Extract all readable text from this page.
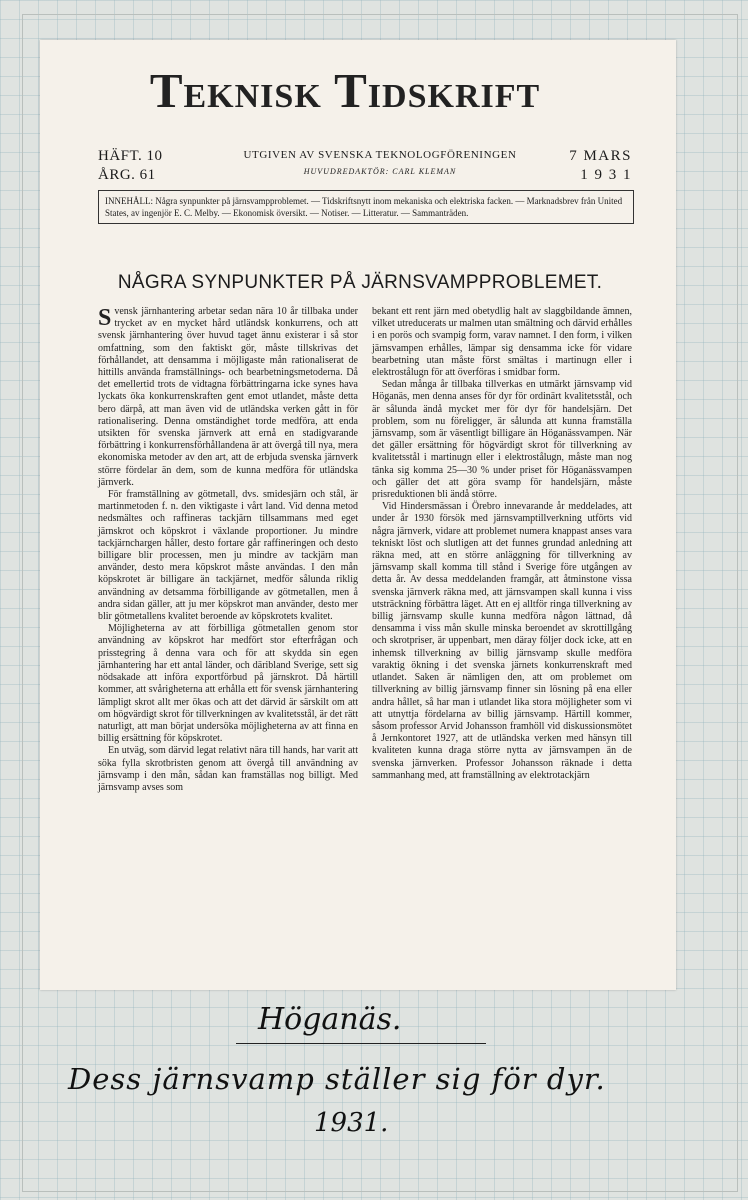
Teknisk Tidskrift
HÄFT. 10
ÅRG. 61
UTGIVEN AV SVENSKA TEKNOLOGFÖRENINGEN
HUVUDREDAKTÖR: CARL KLEMAN
7 MARS
1 9 3 1
INNEHÅLL: Några synpunkter på järnsvampproblemet. — Tidskriftsnytt inom mekaniska och elektriska facken. — Marknadsbrev från United States, av ingenjör E. C. Melby. — Ekonomisk översikt. — Notiser. — Litteratur. — Sammanträden.
NÅGRA SYNPUNKTER PÅ JÄRNSVAMPPROBLEMET.

Svensk järnhantering arbetar sedan nära 10 år tillbaka under trycket av en mycket hård utländsk konkurrens, och att svensk järnhantering över huvud taget ännu existerar i så stor omfattning, som den faktiskt gör, måste tillskrivas det förhållandet, att densamma i möjligaste mån rationaliserat de hittills använda framställnings- och bearbetningsmetoderna. Då det emellertid trots de vidtagna förbättringarna icke synes hava lyckats öka konkurrenskraften gent emot utlandet, måste detta bero därpå, att man även vid de utländska verken gått in för rationalisering. Denna omständighet torde medföra, att enda utsikten för svenska järnverk att ernå en stadigvarande förbättring i konkurrensförhållandena är att övergå till nya, mera ekonomiska metoder av den art, att de erbjuda svenska järnverk större fördelar än dem, som de kunna medföra för utländska järnverk.

För framställning av götmetall, dvs. smidesjärn och stål, är martinmetoden f. n. den viktigaste i vårt land. Vid denna metod nedsmältes och raffineras tackjärn tillsammans med eget järnskrot och köpskrot i växlande proportioner. Ju mindre tackjärnchargen håller, desto fortare går raffineringen och desto billigare blir processen, men ju mindre av tackjärn man använder, desto mera köpskrot måste användas. I den mån köpskrotet är billigare än tackjärnet, medför sålunda riklig användning av detsamma förbilligande av götmetallen, men å andra sidan gäller, att ju mer köpskrot man använder, desto mer blir götmetallens kvalitet beroende av köpskrotets kvalitet.

Möjligheterna av att förbilliga götmetallen genom stor användning av köpskrot har medfört stor efterfrågan och prisstegring å denna vara och för att skydda sin egen järnhantering har ett antal länder, och däribland Sverige, sett sig nödsakade att införa exportförbud på järnskrot. Då härtill kommer, att svårigheterna att erhålla ett för svensk järnhantering lämpligt skrot allt mer ökas och att det därvid är särskilt om att om högvärdigt skrot för tillverkningen av kvalitetsstål, är det rätt naturligt, att man börjat undersöka möjligheterna av att finna en billig ersättning för köpskrotet.

En utväg, som därvid legat relativt nära till hands, har varit att söka fylla skrotbristen genom att övergå till användning av järnsvamp i den mån, sådan kan framställas nog billigt. Med järnsvamp avses som

bekant ett rent järn med obetydlig halt av slaggbildande ämnen, vilket utreducerats ur malmen utan smältning och därvid erhålles i en porös och svampig form, varav namnet. I den form, i vilken järnsvampen erhålles, lämpar sig densamma icke för vidare bearbetning utan måste först smältas i martinugn eller i elektrostålugn för att överföras i smidbar form.

Sedan många år tillbaka tillverkas en utmärkt järnsvamp vid Höganäs, men denna anses för dyr för ordinärt kvalitetsstål, och är sålunda ändå mycket mer för dyr för handelsjärn. Det problem, som nu föreligger, är sålunda att kunna framställa järnsvamp, som är väsentligt billigare än Höganässvampen. När det gäller ersättning för högvärdigt skrot för tillverkning av kvalitetsstål i martinugn eller i elektrostålugn, måste man nog tänka sig komma 25—30 % under priset för Höganässvampen och gäller det att göra svamp för handelsjärn, måste prisreduktionen bli ändå större.

Vid Hindersmässan i Örebro innevarande år meddelades, att under år 1930 försök med järnsvamptillverkning utförts vid några järnverk, vidare att problemet numera knappast anses vara tekniskt löst och slutligen att det funnes grundad anledning att räkna med, att en större anläggning för tillverkning av järnsvamp skall komma till stånd i Sverige före utgången av detta år. Av dessa meddelanden framgår, att åtminstone vissa svenska järnverk räkna med, att järnsvampen skall kunna i viss utsträckning förbättra läget. Att en ej alltför ringa tillverkning av billig järnsvamp skulle kunna medföra någon lättnad, då densamma i viss mån skulle minska beroendet av skrottillgång och skrotpriser, är uppenbart, men däray följer dock icke, att en inhemsk tillverkning av billig järnsvamp skulle medföra varaktig ökning i det svenska järnets konkurrenskraft med utlandet. Saken är nämligen den, att om problemet om tillverkning av billig järnsvamp finner sin lösning på ena eller andra hållet, så har man i utlandet lika stora möjligheter som vi att utnyttja fördelarna av billig järnsvamp. Härtill kommer, såsom professor Arvid Johansson framhöll vid diskussionsmötet å Jernkontoret 1927, att de utländska verken med hänsyn till kvaliteten kunna draga större nytta av järnsvampen än de svenska järnverken. Professor Johansson räknade i detta sammanhang med, att framställning av elektrotackjärn

Höganäs.
Dess järnsvamp ställer sig för dyr.
1931.
